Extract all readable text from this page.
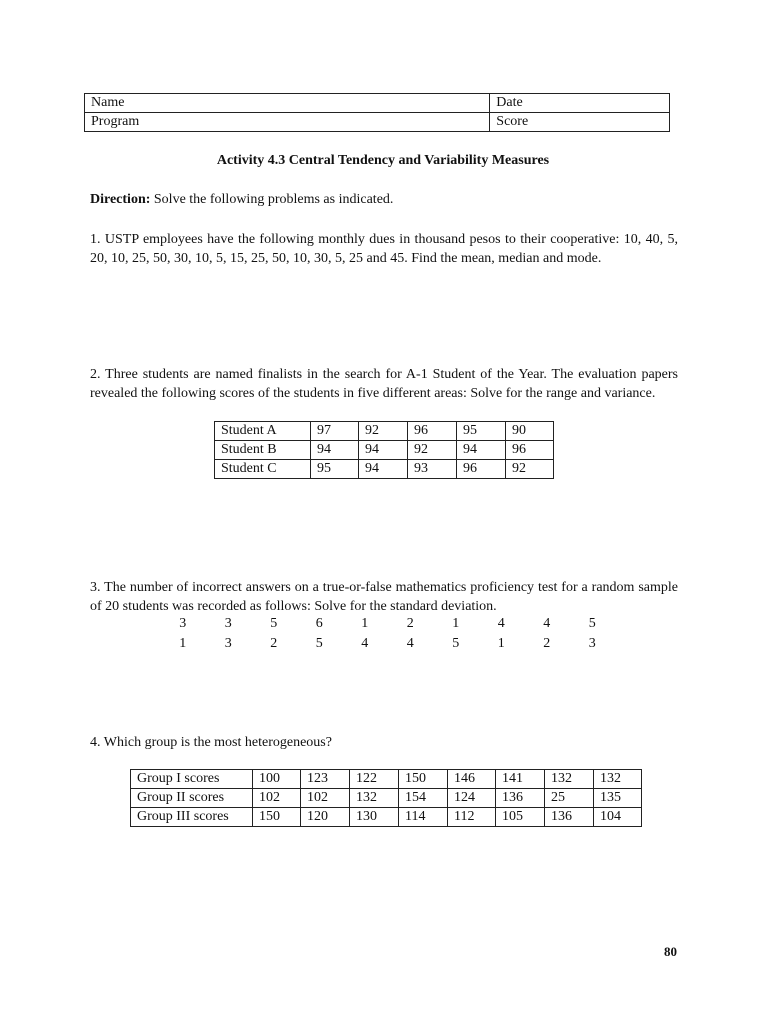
Name	Date
Program	Score
Activity 4.3 Central Tendency and Variability Measures
Direction: Solve the following problems as indicated.
1. USTP employees have the following monthly dues in thousand pesos to their cooperative: 10, 40, 5, 20, 10, 25, 50, 30, 10, 5, 15, 25, 50, 10, 30, 5, 25 and 45. Find the mean, median and mode.
2. Three students are named finalists in the search for A-1 Student of the Year. The evaluation papers revealed the following scores of the students in five different areas: Solve for the range and variance.
Student A	97	92	96	95	90
Student B	94	94	92	94	96
Student C	95	94	93	96	92
3. The number of incorrect answers on a true-or-false mathematics proficiency test for a random sample of 20 students was recorded as follows: Solve for the standard deviation.
3	3	5	6	1	2	1	4	4	5
1	3	2	5	4	4	5	1	2	3
4. Which group is the most heterogeneous?
Group I scores	100	123	122	150	146	141	132	132
Group II scores	102	102	132	154	124	136	25	135
Group III scores	150	120	130	114	112	105	136	104
80
